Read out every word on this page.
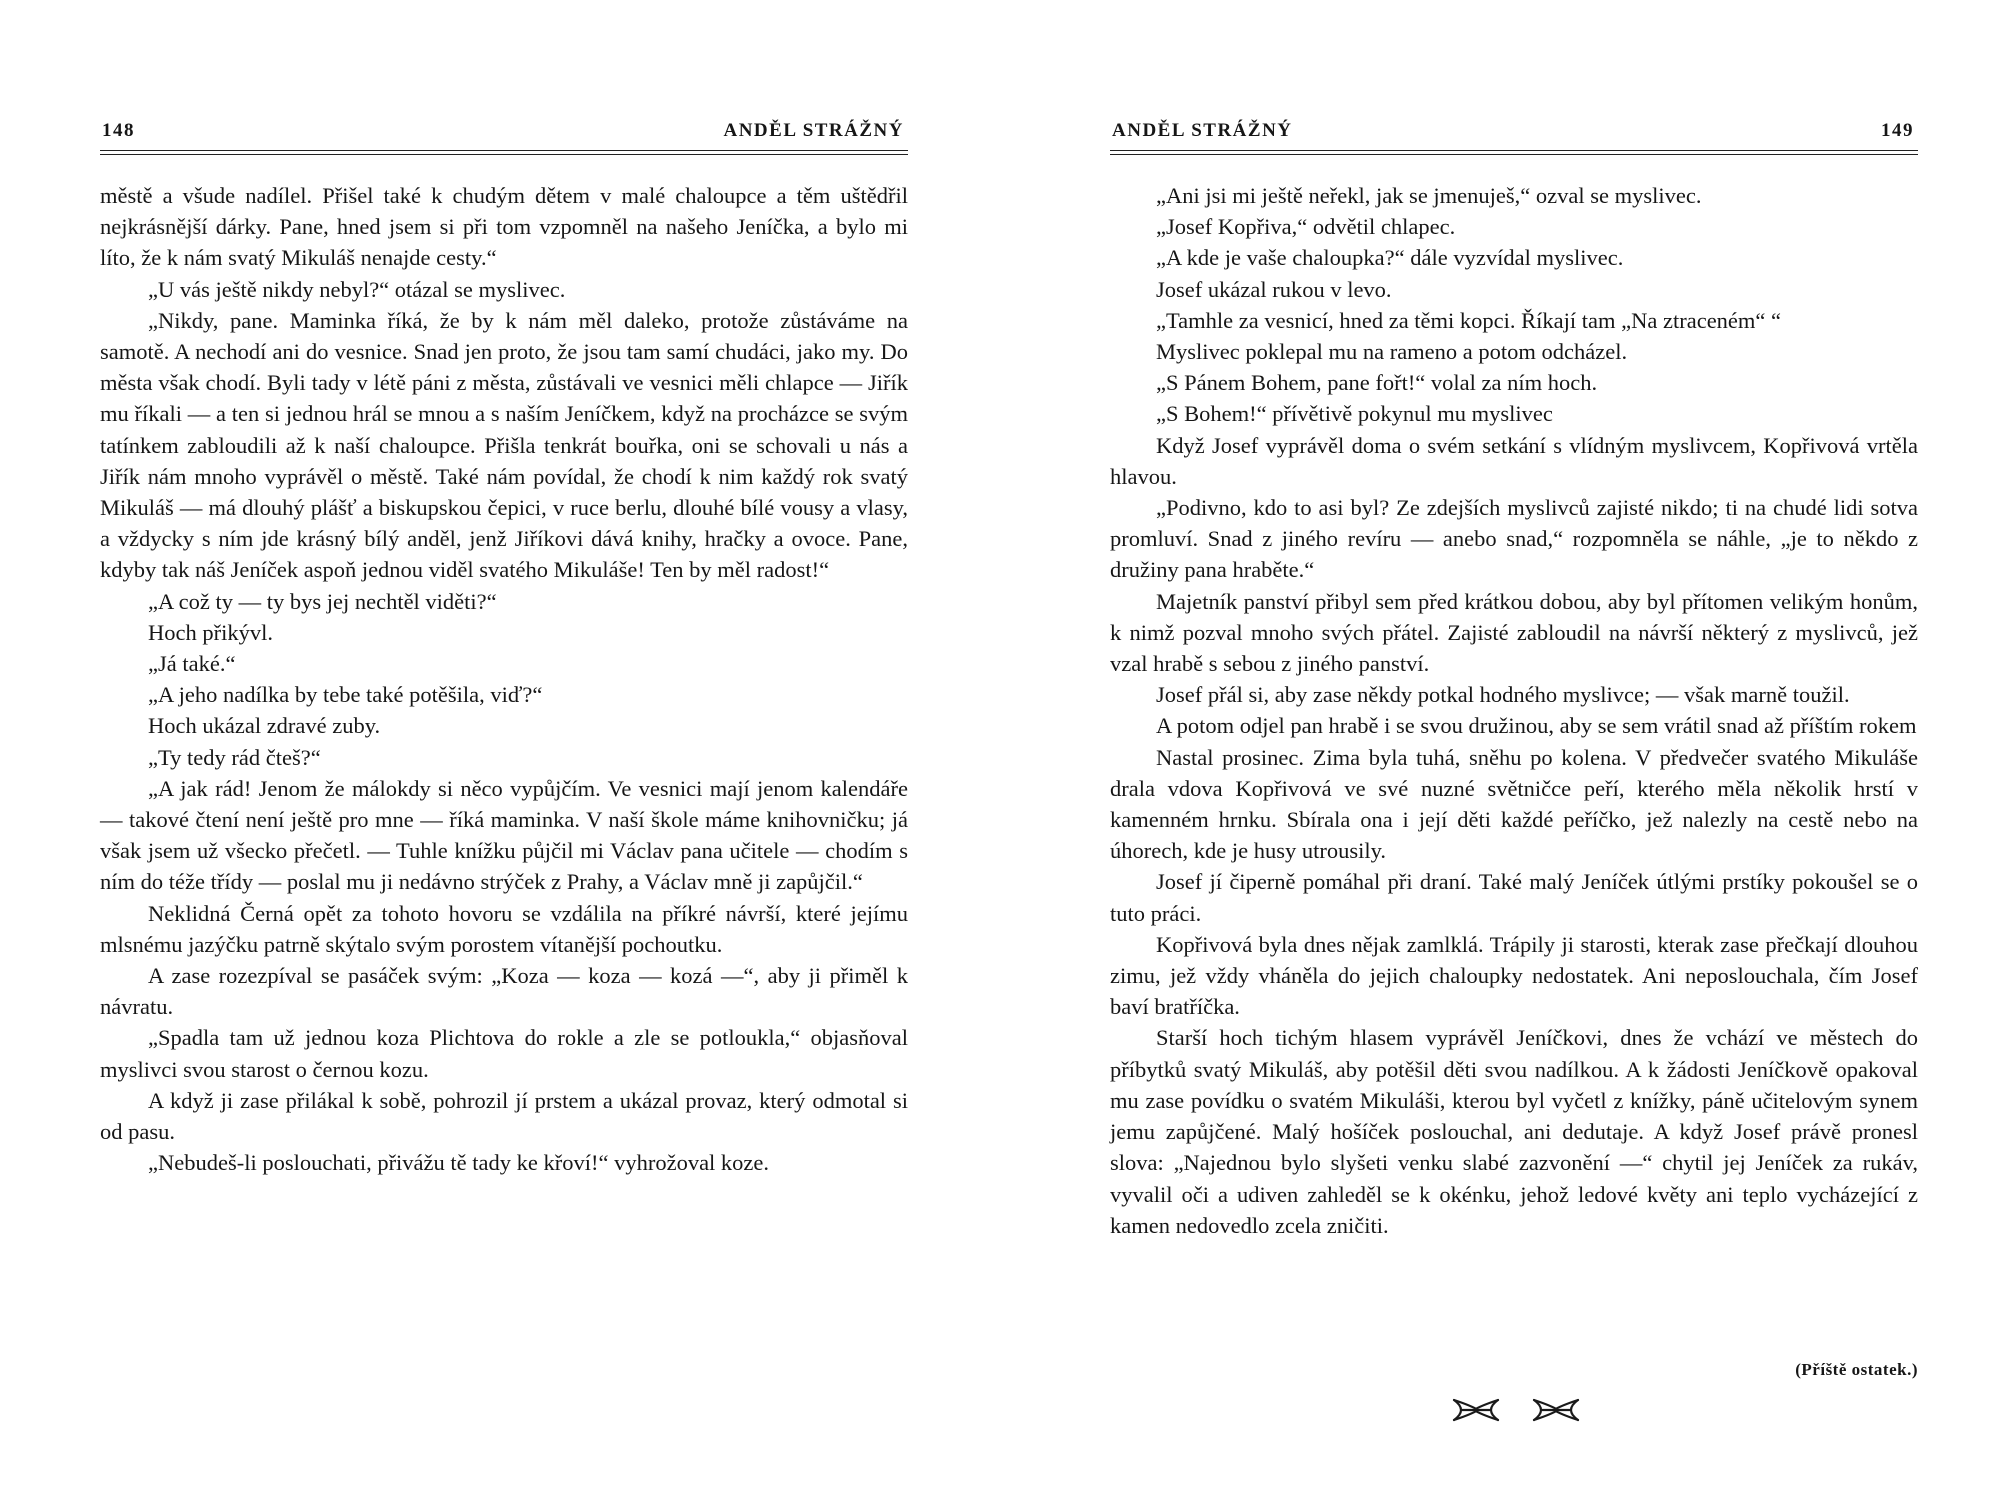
148	ANDĚL STRÁŽNÝ

městě a všude nadílel. Přišel také k chudým dětem v malé chaloupce a těm uštědřil nejkrásnější dárky. Pane, hned jsem si při tom vzpomněl na našeho Jeníčka, a bylo mi líto, že k nám svatý Mikuláš nenajde cesty.“

„U vás ještě nikdy nebyl?“ otázal se myslivec.

„Nikdy, pane. Maminka říká, že by k nám měl daleko, protože zůstáváme na samotě. A nechodí ani do vesnice. Snad jen proto, že jsou tam samí chudáci, jako my. Do města však chodí. Byli tady v létě páni z města, zůstávali ve vesnici měli chlapce — Jiřík mu říkali — a ten si jednou hrál se mnou a s naším Jeníčkem, když na procházce se svým tatínkem zabloudili až k naší chaloupce. Přišla tenkrát bouřka, oni se schovali u nás a Jiřík nám mnoho vyprávěl o městě. Také nám povídal, že chodí k nim každý rok svatý Mikuláš — má dlouhý plášť a biskupskou čepici, v ruce berlu, dlouhé bílé vousy a vlasy, a vždycky s ním jde krásný bílý anděl, jenž Jiříkovi dává knihy, hračky a ovoce. Pane, kdyby tak náš Jeníček aspoň jednou viděl svatého Mikuláše! Ten by měl radost!“

„A což ty — ty bys jej nechtěl viděti?“

Hoch přikývl.

„Já také.“

„A jeho nadílka by tebe také potěšila, viď?“

Hoch ukázal zdravé zuby.

„Ty tedy rád čteš?“

„A jak rád! Jenom že málokdy si něco vypůjčím. Ve vesnici mají jenom kalendáře — takové čtení není ještě pro mne — říká maminka. V naší škole máme knihovničku; já však jsem už všecko přečetl. — Tuhle knížku půjčil mi Václav pana učitele — chodím s ním do téže třídy — poslal mu ji nedávno strýček z Prahy, a Václav mně ji zapůjčil.“

Neklidná Černá opět za tohoto hovoru se vzdálila na příkré návrší, které jejímu mlsnému jazýčku patrně skýtalo svým porostem vítanější pochoutku.

A zase rozezpíval se pasáček svým: „Koza — koza — kozá —“, aby ji přiměl k návratu.

„Spadla tam už jednou koza Plichtova do rokle a zle se potloukla,“ objasňoval myslivci svou starost o černou kozu.

A když ji zase přilákal k sobě, pohrozil jí prstem a ukázal provaz, který odmotal si od pasu.

„Nebudeš-li poslouchati, přivážu tě tady ke křoví!“ vyhrožoval koze.

ANDĚL STRÁŽNÝ	149

„Ani jsi mi ještě neřekl, jak se jmenuješ,“ ozval se myslivec.

„Josef Kopřiva,“ odvětil chlapec.

„A kde je vaše chaloupka?“ dále vyzvídal myslivec.

Josef ukázal rukou v levo.

„Tamhle za vesnicí, hned za těmi kopci. Říkají tam „Na ztraceném“ “

Myslivec poklepal mu na rameno a potom odcházel.

„S Pánem Bohem, pane fořt!“ volal za ním hoch.

„S Bohem!“ přívětivě pokynul mu myslivec

Když Josef vyprávěl doma o svém setkání s vlídným myslivcem, Kopřivová vrtěla hlavou.

„Podivno, kdo to asi byl? Ze zdejších myslivců zajisté nikdo; ti na chudé lidi sotva promluví. Snad z jiného revíru — anebo snad,“ rozpomněla se náhle, „je to někdo z družiny pana hraběte.“

Majetník panství přibyl sem před krátkou dobou, aby byl přítomen velikým honům, k nimž pozval mnoho svých přátel. Zajisté zabloudil na návrší některý z myslivců, jež vzal hrabě s sebou z jiného panství.

Josef přál si, aby zase někdy potkal hodného myslivce; — však marně toužil.

A potom odjel pan hrabě i se svou družinou, aby se sem vrátil snad až příštím rokem

Nastal prosinec. Zima byla tuhá, sněhu po kolena. V předvečer svatého Mikuláše drala vdova Kopřivová ve své nuzné světničce peří, kterého měla několik hrstí v kamenném hrnku. Sbírala ona i její děti každé peříčko, jež nalezly na cestě nebo na úhorech, kde je husy utrousily.

Josef jí čiperně pomáhal při draní. Také malý Jeníček útlými prstíky pokoušel se o tuto práci.

Kopřivová byla dnes nějak zamlklá. Trápily ji starosti, kterak zase přečkají dlouhou zimu, jež vždy vháněla do jejich chaloupky nedostatek. Ani neposlouchala, čím Josef baví bratříčka.

Starší hoch tichým hlasem vyprávěl Jeníčkovi, dnes že vchází ve městech do příbytků svatý Mikuláš, aby potěšil děti svou nadílkou. A k žádosti Jeníčkově opakoval mu zase povídku o svatém Mikuláši, kterou byl vyčetl z knížky, páně učitelovým synem jemu zapůjčené. Malý hošíček poslouchal, ani dedutaje. A když Josef právě pronesl slova: „Najednou bylo slyšeti venku slabé zazvonění —“ chytil jej Jeníček za rukáv, vyvalil oči a udiven zahleděl se k okénku, jehož ledové květy ani teplo vycházející z kamen nedovedlo zcela zničiti.

(Příště ostatek.)
